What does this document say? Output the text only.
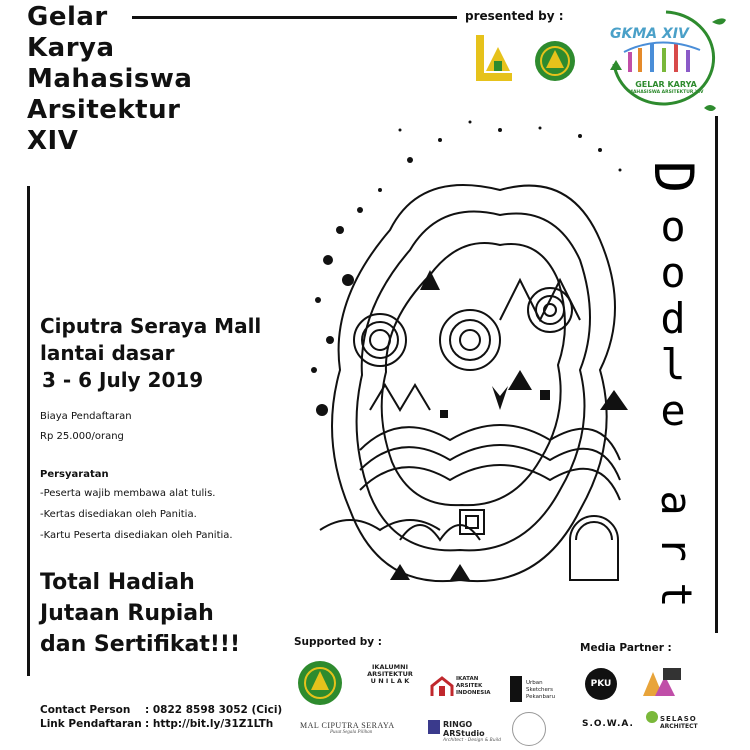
Gelar
Karya
Mahasiswa
Arsitektur
XIV
presented by :
GKMA XIV
GELAR KARYA
MAHASISWA ARSITEKTUR XIV
Ciputra Seraya Mall
lantai dasar
3 - 6 July 2019
Biaya Pendaftaran
Rp 25.000/orang
Persyaratan
-Peserta wajib membawa alat tulis.
-Kertas disediakan oleh Panitia.
-Kartu Peserta disediakan oleh Panitia.
Total Hadiah
Jutaan Rupiah
dan Sertifikat!!!
Contact Person : 0822 8598 3052 (Cici)
Link Pendaftaran : http://bit.ly/31Z1LTh
D
o
o
d
l
e
a
r
t
Supported by :
IKALUMNI
ARSITEKTUR
U N I L A K	IKATAN
ARSITEK
INDONESIA
Urban
Sketchers
Pekanbaru
MAL CIPUTRA SERAYA
Pusat Segala Pilihan
RINGO ARStudio
Architect - Design & Build
Media Partner :
PKU
S.O.W.A.	SELASO
ARCHITECT
